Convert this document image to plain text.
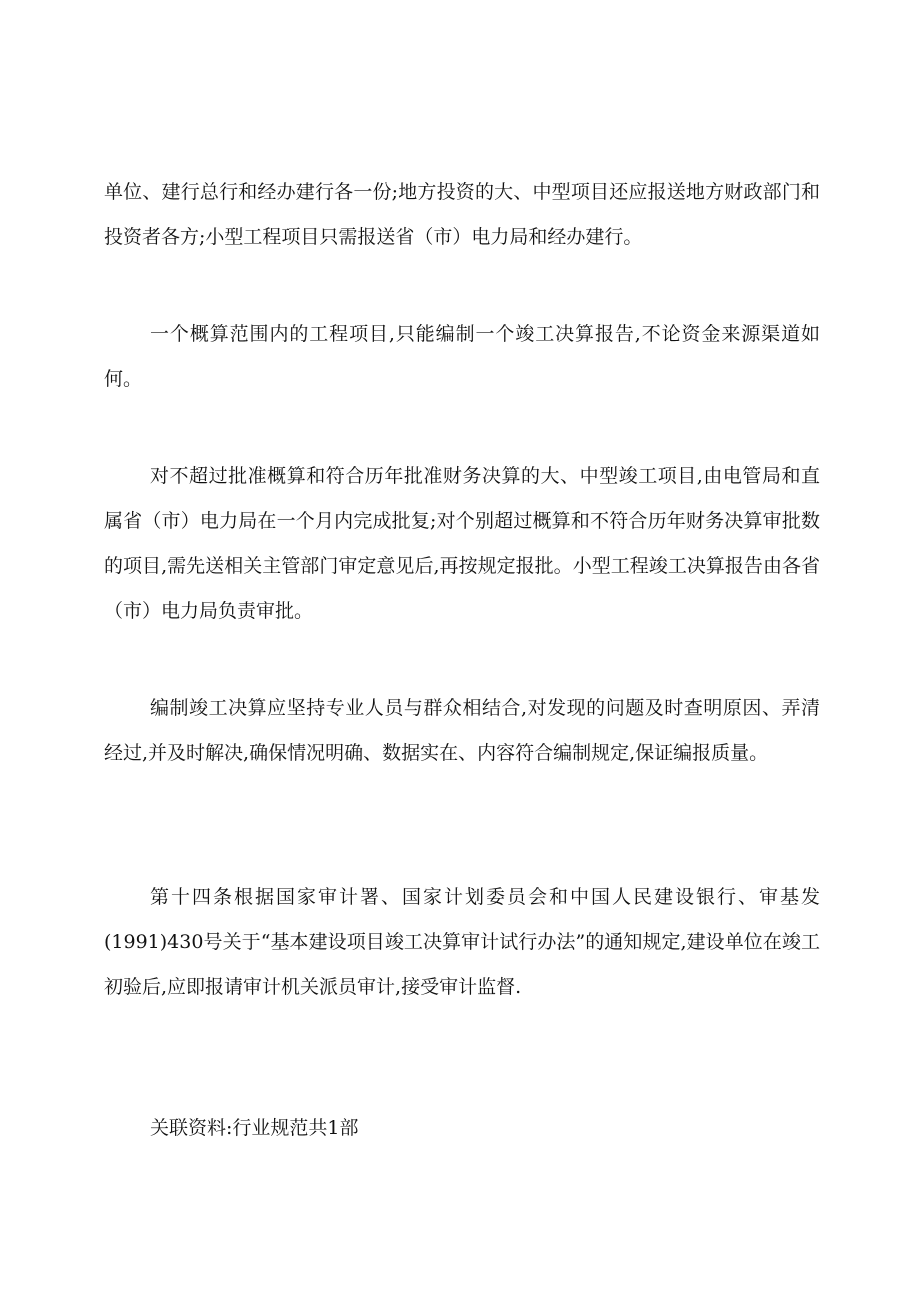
单位、建行总行和经办建行各一份;地方投资的大、中型项目还应报送地方财政部门和投资者各方;小型工程项目只需报送省（市）电力局和经办建行。

一个概算范围内的工程项目,只能编制一个竣工决算报告,不论资金来源渠道如何。

对不超过批准概算和符合历年批准财务决算的大、中型竣工项目,由电管局和直属省（市）电力局在一个月内完成批复;对个别超过概算和不符合历年财务决算审批数的项目,需先送相关主管部门审定意见后,再按规定报批。小型工程竣工决算报告由各省（市）电力局负责审批。

编制竣工决算应坚持专业人员与群众相结合,对发现的问题及时查明原因、弄清经过,并及时解决,确保情况明确、数据实在、内容符合编制规定,保证编报质量。

第十四条根据国家审计署、国家计划委员会和中国人民建设银行、审基发(1991)430号关于“基本建设项目竣工决算审计试行办法”的通知规定,建设单位在竣工初验后,应即报请审计机关派员审计,接受审计监督.

关联资料:行业规范共1部
